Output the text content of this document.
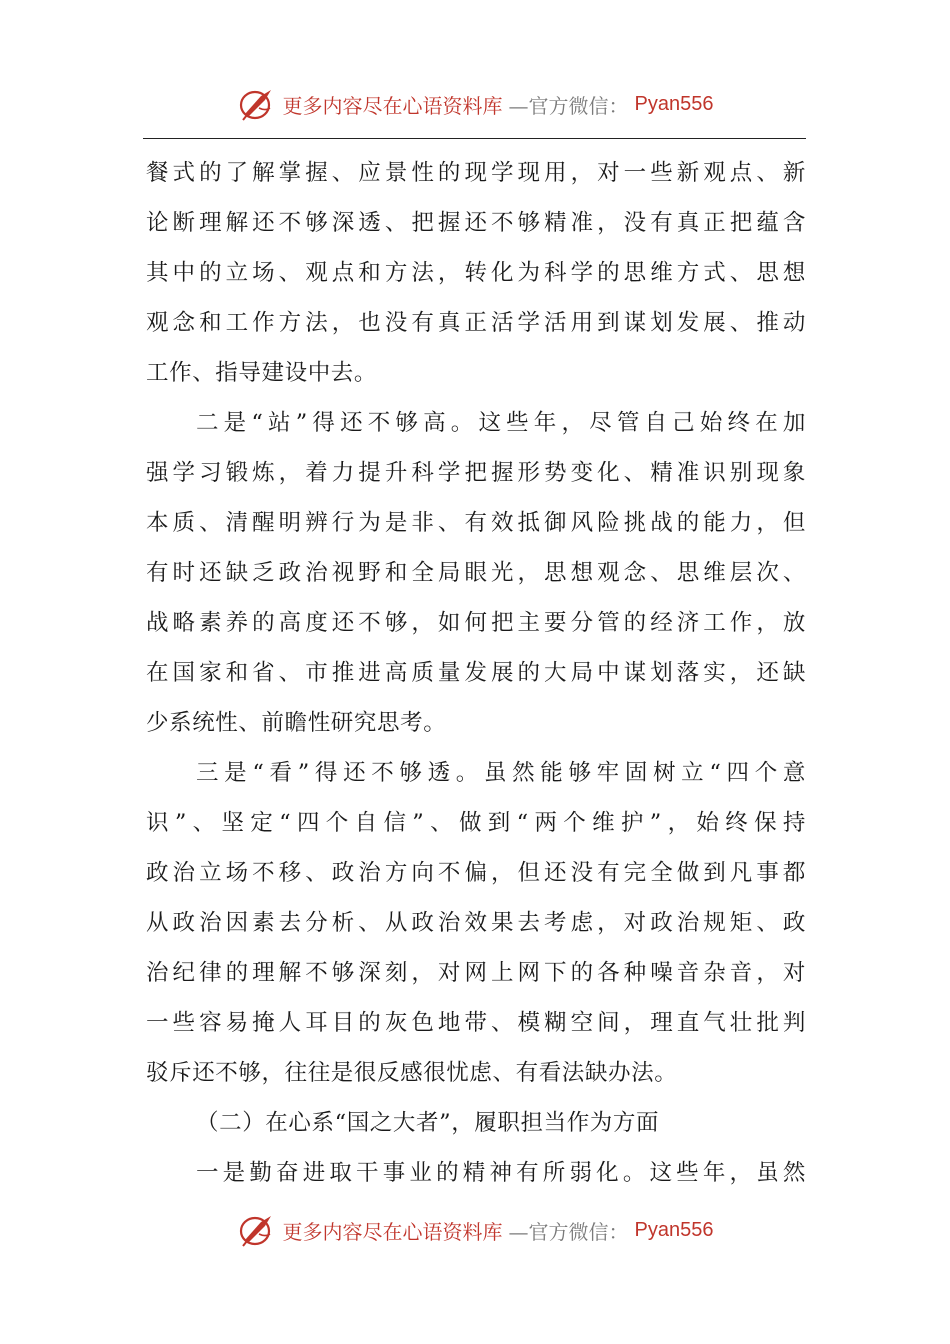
更多内容尽在心语资料库 —官方微信： Pyan556
餐式的了解掌握、应景性的现学现用，对一些新观点、新
论断理解还不够深透、把握还不够精准，没有真正把蕴含
其中的立场、观点和方法，转化为科学的思维方式、思想
观念和工作方法，也没有真正活学活用到谋划发展、推动
工作、指导建设中去。
二是“站”得还不够高。这些年，尽管自己始终在加
强学习锻炼，着力提升科学把握形势变化、精准识别现象
本质、清醒明辨行为是非、有效抵御风险挑战的能力，但
有时还缺乏政治视野和全局眼光，思想观念、思维层次、
战略素养的高度还不够，如何把主要分管的经济工作，放
在国家和省、市推进高质量发展的大局中谋划落实，还缺
少系统性、前瞻性研究思考。
三是“看”得还不够透。虽然能够牢固树立“四个意
识”、坚定“四个自信”、做到“两个维护”，始终保持
政治立场不移、政治方向不偏，但还没有完全做到凡事都
从政治因素去分析、从政治效果去考虑，对政治规矩、政
治纪律的理解不够深刻，对网上网下的各种噪音杂音，对
一些容易掩人耳目的灰色地带、模糊空间，理直气壮批判
驳斥还不够，往往是很反感很忧虑、有看法缺办法。
（二）在心系“国之大者”，履职担当作为方面
一是勤奋进取干事业的精神有所弱化。这些年，虽然
更多内容尽在心语资料库 —官方微信： Pyan556
